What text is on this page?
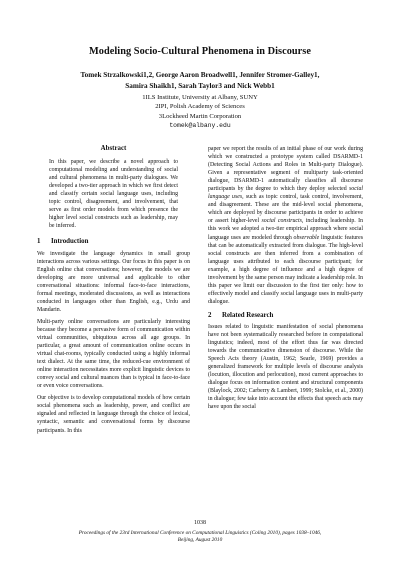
Modeling Socio-Cultural Phenomena in Discourse
Tomek Strzalkowski1,2, George Aaron Broadwell1, Jennifer Stromer-Galley1,
Samira Shaikh1, Sarah Taylor3 and Nick Webb1
1ILS Institute, University at Albany, SUNY
2IPI, Polish Academy of Sciences
3Lockheed Martin Corporation
tomek@albany.edu
Abstract

In this paper, we describe a novel approach to computational modeling and understanding of social and cultural phenomena in multi-party dialogues. We developed a two-tier approach in which we first detect and classify certain social language uses, including topic control, disagreement, and involvement, that serve as first order models from which presence the higher level social constructs such as leadership, may be inferred.

1 Introduction

We investigate the language dynamics in small group interactions across various settings. Our focus in this paper is on English online chat conversations; however, the models we are developing are more universal and applicable to other conversational situations: informal face-to-face interactions, formal meetings, moderated discussions, as well as interactions conducted in languages other than English, e.g., Urdu and Mandarin.

Multi-party online conversations are particularly interesting because they become a pervasive form of communication within virtual communities, ubiquitous across all age groups. In particular, a great amount of communication online occurs in virtual chat-rooms, typically conducted using a highly informal text dialect. At the same time, the reduced-cue environment of online interaction necessitates more explicit linguistic devices to convey social and cultural nuances than is typical in face-to-face or even voice conversations.

Our objective is to develop computational models of how certain social phenomena such as leadership, power, and conflict are signaled and reflected in language through the choice of lexical, syntactic, semantic and conversational forms by discourse participants. In this

paper we report the results of an initial phase of our work during which we constructed a prototype system called DSARMD-1 (Detecting Social Actions and Roles in Multi-party Dialogue). Given a representative segment of multiparty task-oriented dialogue, DSARMD-1 automatically classifies all discourse participants by the degree to which they deploy selected social language uses, such as topic control, task control, involvement, and disagreement. These are the mid-level social phenomena, which are deployed by discourse participants in order to achieve or assert higher-level social constructs, including leadership. In this work we adopted a two-tier empirical approach where social language uses are modeled through observable linguistic features that can be automatically extracted from dialogue. The high-level social constructs are then inferred from a combination of language uses attributed to each discourse participant; for example, a high degree of influence and a high degree of involvement by the same person may indicate a leadership role. In this paper we limit our discussion to the first tier only: how to effectively model and classify social language uses in multi-party dialogue.

2 Related Research

Issues related to linguistic manifestation of social phenomena have not been systematically researched before in computational linguistics; indeed, most of the effort thus far was directed towards the communicative dimension of discourse. While the Speech Acts theory (Austin, 1962; Searle, 1969) provides a generalized framework for multiple levels of discourse analysis (locution, illocution and perlocution), most current approaches to dialogue focus on information content and structural components (Blaylock, 2002; Carberry & Lambert, 1999; Stolcke, et al., 2000) in dialogue; few take into account the effects that speech acts may have upon the social

1038
Proceedings of the 23rd International Conference on Computational Linguistics (Coling 2010), pages 1038–1046,
Beijing, August 2010
